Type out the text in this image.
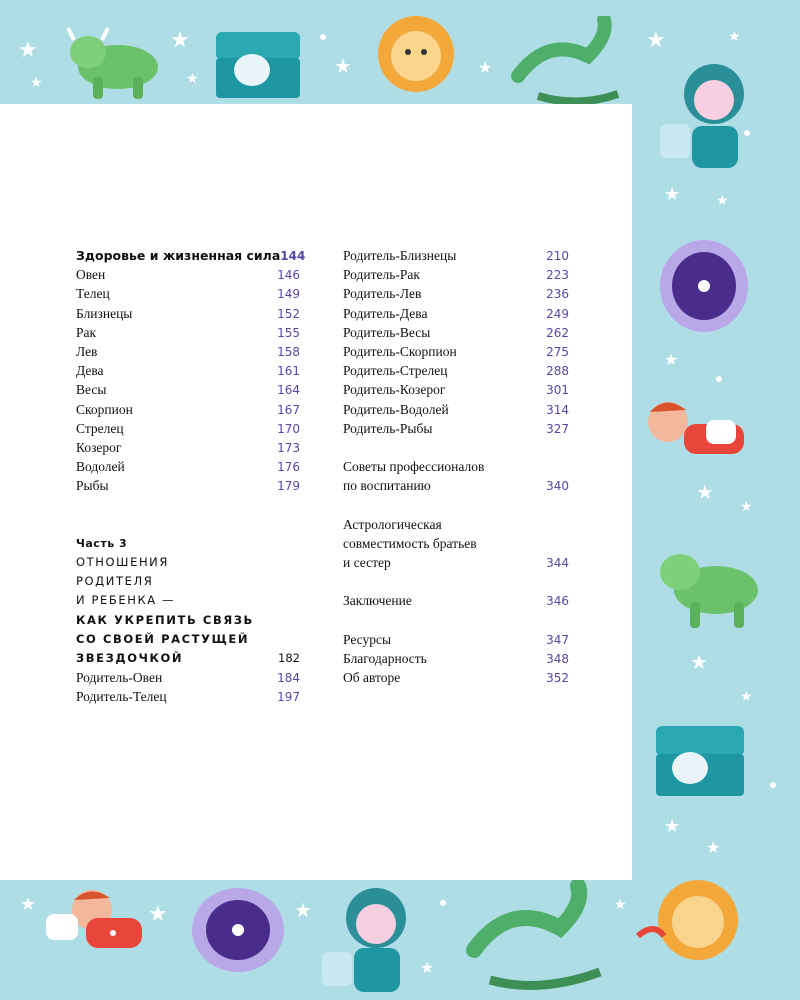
★
★
★
★
★	★
★	★
★	★
★
★
★
★
★
★
★
★	★	★
★
★
Здоровье и жизненная сила 144
Овен	146
Телец	149
Близнецы	152
Рак	155
Лев	158
Дева	161
Весы	164
Скорпион	167
Стрелец	170
Козерог	173
Водолей	176
Рыбы	179
Часть 3
ОТНОШЕНИЯ
РОДИТЕЛЯ
И РЕБЕНКА —
КАК УКРЕПИТЬ СВЯЗЬ
СО СВОЕЙ РАСТУЩЕЙ
ЗВЕЗДОЧКОЙ	182
Родитель-Овен	184
Родитель-Телец	197
Родитель-Близнецы	210
Родитель-Рак	223
Родитель-Лев	236
Родитель-Дева	249
Родитель-Весы	262
Родитель-Скорпион	275
Родитель-Стрелец	288
Родитель-Козерог	301
Родитель-Водолей	314
Родитель-Рыбы	327
Советы профессионалов
по воспитанию	340
Астрологическая
совместимость братьев
и сестер	344
Заключение	346
Ресурсы	347
Благодарность	348
Об авторе	352
